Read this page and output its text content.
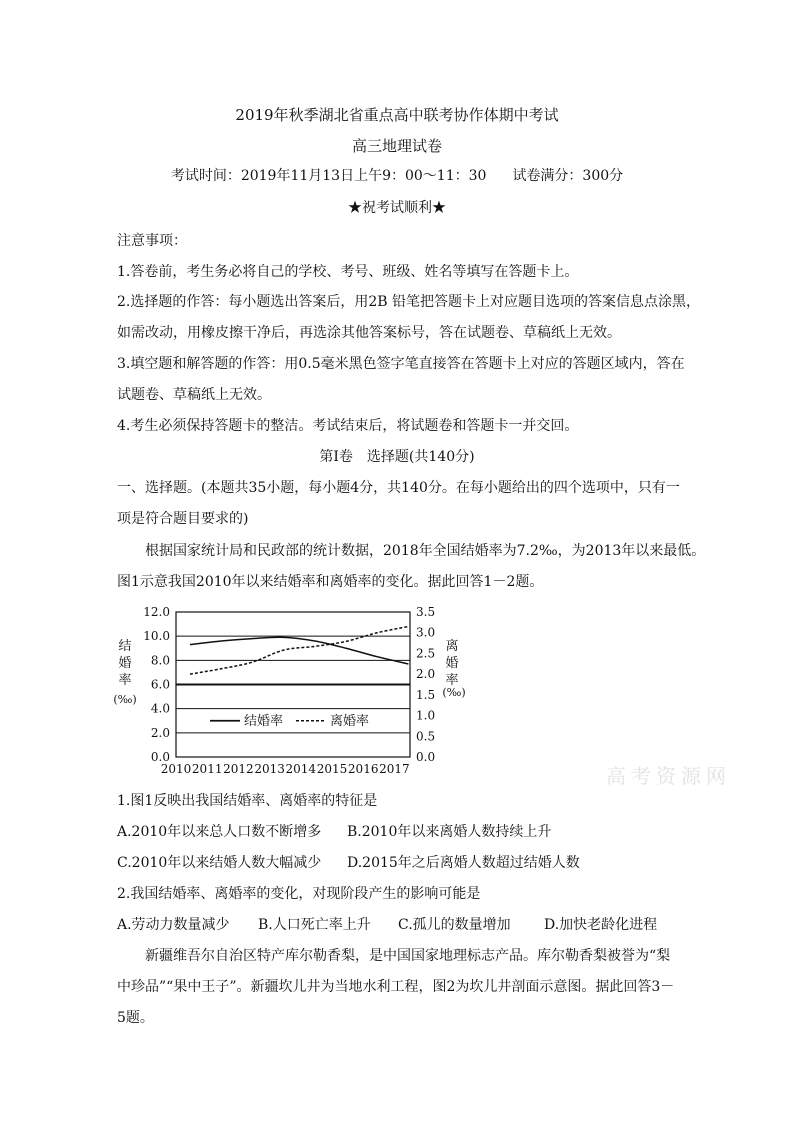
2019年秋季湖北省重点高中联考协作体期中考试
高三地理试卷
考试时间：2019年11月13日上午9：00～11：30 试卷满分：300分
★祝考试顺利★
注意事项：
1.答卷前，考生务必将自己的学校、考号、班级、姓名等填写在答题卡上。
2.选择题的作答：每小题选出答案后，用2B 铅笔把答题卡上对应题目选项的答案信息点涂黑，
如需改动，用橡皮擦干净后，再选涂其他答案标号，答在试题卷、草稿纸上无效。
3.填空题和解答题的作答：用0.5毫米黑色签字笔直接答在答题卡上对应的答题区域内，答在
试题卷、草稿纸上无效。
4.考生必须保持答题卡的整洁。考试结束后，将试题卷和答题卡一并交回。
第Ⅰ卷　选择题(共140分)
一、选择题。(本题共35小题，每小题4分，共140分。在每小题给出的四个选项中，只有一
项是符合题目要求的)
根据国家统计局和民政部的统计数据，2018年全国结婚率为7.2‰，为2013年以来最低。
图1示意我国2010年以来结婚率和离婚率的变化。据此回答1－2题。
0.0
2.0
4.0
6.0
8.0
10.0
12.0
0.0
0.5
1.0
1.5
2.0
2.5
3.0
3.5
2010 2011 2012 2013 2014 2015 2016 2017
结
婚
率
(‰)
离
婚
率
(‰)
结婚率	离婚率
高考资源网
1.图1反映出我国结婚率、离婚率的特征是
A.2010年以来总人口数不断增多 B.2010年以来离婚人数持续上升
C.2010年以来结婚人数大幅减少 D.2015年之后离婚人数超过结婚人数
2.我国结婚率、离婚率的变化，对现阶段产生的影响可能是
A.劳动力数量减少 B.人口死亡率上升 C.孤儿的数量增加 D.加快老龄化进程
新疆维吾尔自治区特产库尔勒香梨，是中国国家地理标志产品。库尔勒香梨被誉为“梨
中珍品”“果中王子”。新疆坎儿井为当地水利工程，图2为坎儿井剖面示意图。据此回答3－
5题。
